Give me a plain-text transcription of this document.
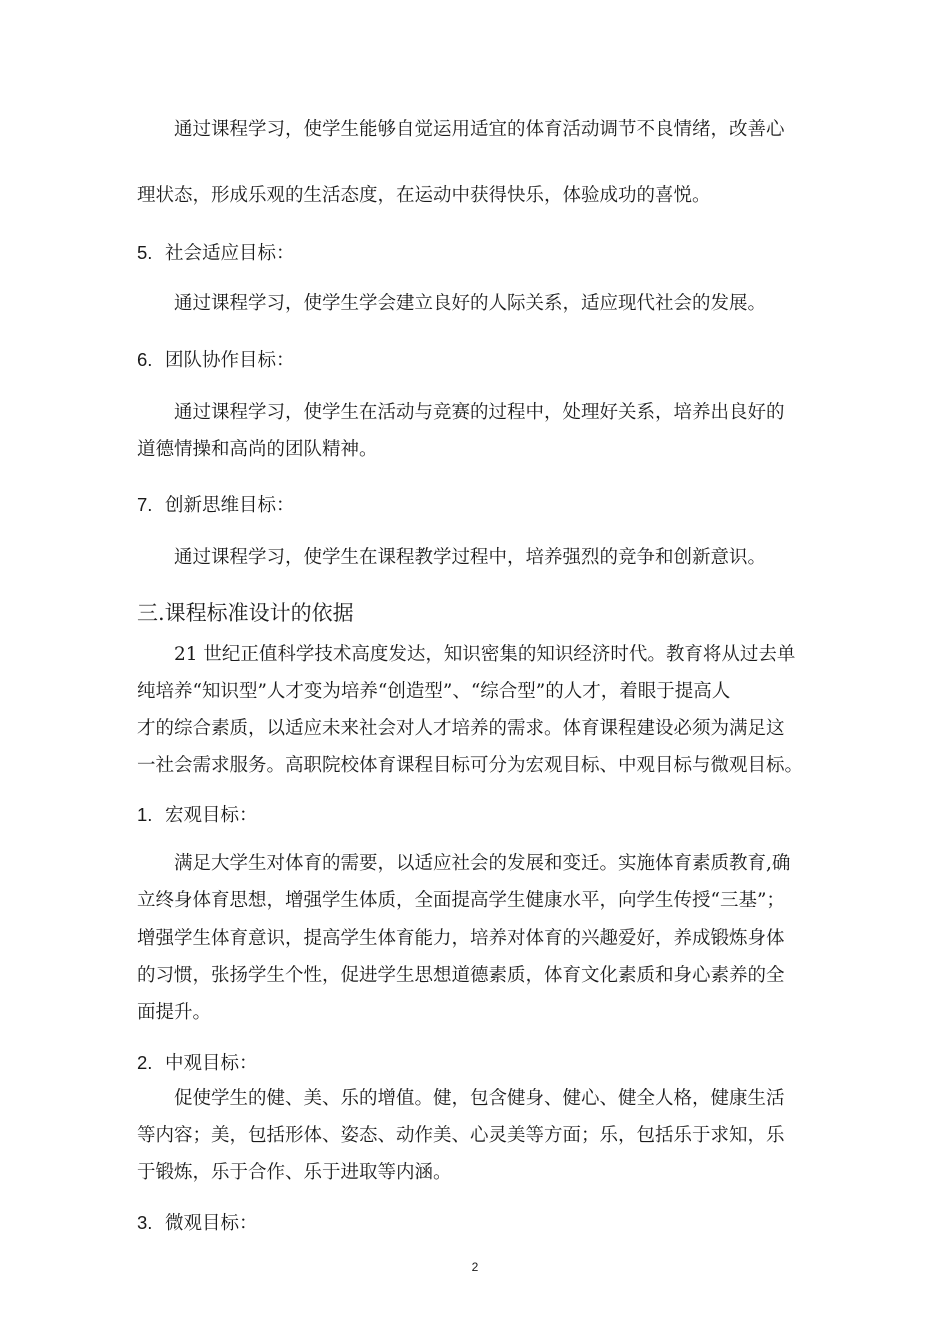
通过课程学习，使学生能够自觉运用适宜的体育活动调节不良情绪，改善心
理状态，形成乐观的生活态度，在运动中获得快乐，体验成功的喜悦。
5. 社会适应目标：
通过课程学习，使学生学会建立良好的人际关系，适应现代社会的发展。
6. 团队协作目标：
通过课程学习，使学生在活动与竞赛的过程中，处理好关系，培养出良好的
道德情操和高尚的团队精神。
7. 创新思维目标：
通过课程学习，使学生在课程教学过程中，培养强烈的竞争和创新意识。
三.课程标准设计的依据
21 世纪正值科学技术高度发达，知识密集的知识经济时代。教育将从过去单
纯培养“知识型”人才变为培养“创造型”、“综合型”的人才，着眼于提高人
才的综合素质，以适应未来社会对人才培养的需求。体育课程建设必须为满足这
一社会需求服务。高职院校体育课程目标可分为宏观目标、中观目标与微观目标。
1. 宏观目标：
满足大学生对体育的需要，以适应社会的发展和变迁。实施体育素质教育,确
立终身体育思想，增强学生体质，全面提高学生健康水平，向学生传授“三基”；
增强学生体育意识，提高学生体育能力，培养对体育的兴趣爱好，养成锻炼身体
的习惯，张扬学生个性，促进学生思想道德素质，体育文化素质和身心素养的全
面提升。
2. 中观目标：
促使学生的健、美、乐的增值。健，包含健身、健心、健全人格，健康生活
等内容；美，包括形体、姿态、动作美、心灵美等方面；乐，包括乐于求知，乐
于锻炼，乐于合作、乐于进取等内涵。
3. 微观目标：
2
